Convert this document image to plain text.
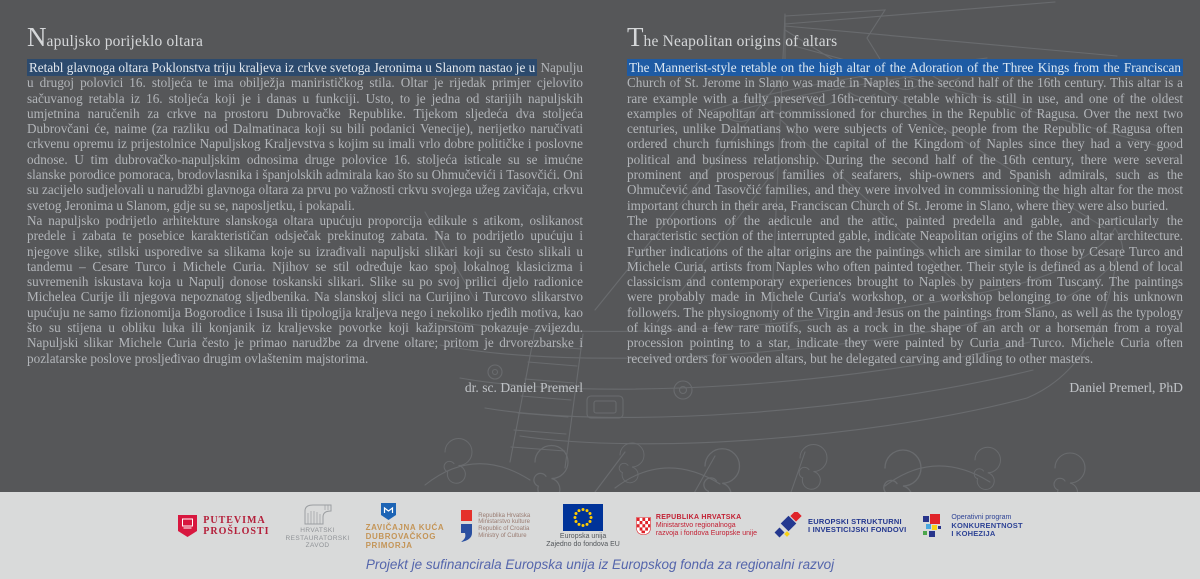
Napuljsko porijeklo oltara

Retabl glavnoga oltara Poklonstva triju kraljeva iz crkve svetoga Jeronima u Slanom nastao je u Napulju u drugoj polovici 16. stoljeća te ima obilježja manirističkog stila. Oltar je rijedak primjer cjelovito sačuvanog retabla iz 16. stoljeća koji je i danas u funkciji. Usto, to je jedna od starijih napuljskih umjetnina naručenih za crkve na prostoru Dubrovačke Republike. Tijekom sljedeća dva stoljeća Dubrovčani će, naime (za razliku od Dalmatinaca koji su bili podanici Venecije), nerijetko naručivati crkvenu opremu iz prijestolnice Napuljskog Kraljevstva s kojim su imali vrlo dobre političke i poslovne odnose. U tim dubrovačko-napuljskim odnosima druge polovice 16. stoljeća isticale su se imućne slanske porodice pomoraca, brodovlasnika i španjolskih admirala kao što su Ohmučevići i Tasovčići. Oni su zacijelo sudjelovali u narudžbi glavnoga oltara za prvu po važnosti crkvu svojega užeg zavičaja, crkvu svetog Jeronima u Slanom, gdje su se, naposljetku, i pokapali.

Na napuljsko podrijetlo arhitekture slanskoga oltara upućuju proporcija edikule s atikom, oslikanost predele i zabata te posebice karakterističan odsječak prekinutog zabata. Na to podrijetlo upućuju i njegove slike, stilski usporedive sa slikama koje su izrađivali napuljski slikari koji su često slikali u tandemu – Cesare Turco i Michele Curia. Njihov se stil određuje kao spoj lokalnog klasicizma i suvremenih iskustava koja u Napulj donose toskanski slikari. Slike su po svoj prilici djelo radionice Michelea Curije ili njegova nepoznatog sljedbenika. Na slanskoj slici na Curijino i Turcovo slikarstvo upućuju ne samo fizionomija Bogorodice i Isusa ili tipologija kraljeva nego i nekoliko rjeđih motiva, kao što su stijena u obliku luka ili konjanik iz kraljevske povorke koji kažiprstom pokazuje zvijezdu. Napuljski slikar Michele Curia često je primao narudžbe za drvene oltare; pritom je drvorezbarske i pozlatarske poslove prosljeđivao drugim ovlaštenim majstorima.

dr. sc. Daniel Premerl

The Neapolitan origins of altars

The Mannerist-style retable on the high altar of the Adoration of the Three Kings from the Franciscan Church of St. Jerome in Slano was made in Naples in the second half of the 16th century. This altar is a rare example with a fully preserved 16th-century retable which is still in use, and one of the oldest examples of Neapolitan art commissioned for churches in the Republic of Ragusa. Over the next two centuries, unlike Dalmatians who were subjects of Venice, people from the Republic of Ragusa often ordered church furnishings from the capital of the Kingdom of Naples since they had a very good political and business relationship. During the second half of the 16th century, there were several prominent and prosperous families of seafarers, ship-owners and Spanish admirals, such as the Ohmučević and Tasovčić families, and they were involved in commissioning the high altar for the most important church in their area, Franciscan Church of St. Jerome in Slano, where they were also buried.

The proportions of the aedicule and the attic, painted predella and gable, and particularly the characteristic section of the interrupted gable, indicate Neapolitan origins of the Slano altar architecture. Further indications of the altar origins are the paintings which are similar to those by Cesare Turco and Michele Curia, artists from Naples who often painted together. Their style is defined as a blend of local classicism and contemporary experiences brought to Naples by painters from Tuscany. The paintings were probably made in Michele Curia's workshop, or a workshop belonging to one of his unknown followers. The physiognomy of the Virgin and Jesus on the paintings from Slano, as well as the typology of kings and a few rare motifs, such as a rock in the shape of an arch or a horseman from a royal procession pointing to a star, indicate they were painted by Curia and Turco. Michele Curia often received orders for wooden altars, but he delegated carving and gilding to other masters.

Daniel Premerl, PhD

PUTEVIMA
PROŠLOSTI	HRVATSKI
RESTAURATORSKI
ZAVOD
ZAVIČAJNA KUĆA
DUBROVAČKOG
PRIMORJA
Republika Hrvatska
Ministarstvo kulture
Republic of Croatia
Ministry of Culture	Europska unija
Zajedno do fondova EU
REPUBLIKA HRVATSKA
Ministarstvo regionalnoga
razvoja i fondova Europske unije
EUROPSKI STRUKTURNI
I INVESTICIJSKI FONDOVI
Operativni program
KONKURENTNOST
I KOHEZIJA
Projekt je sufinancirala Europska unija iz Europskog fonda za regionalni razvoj
